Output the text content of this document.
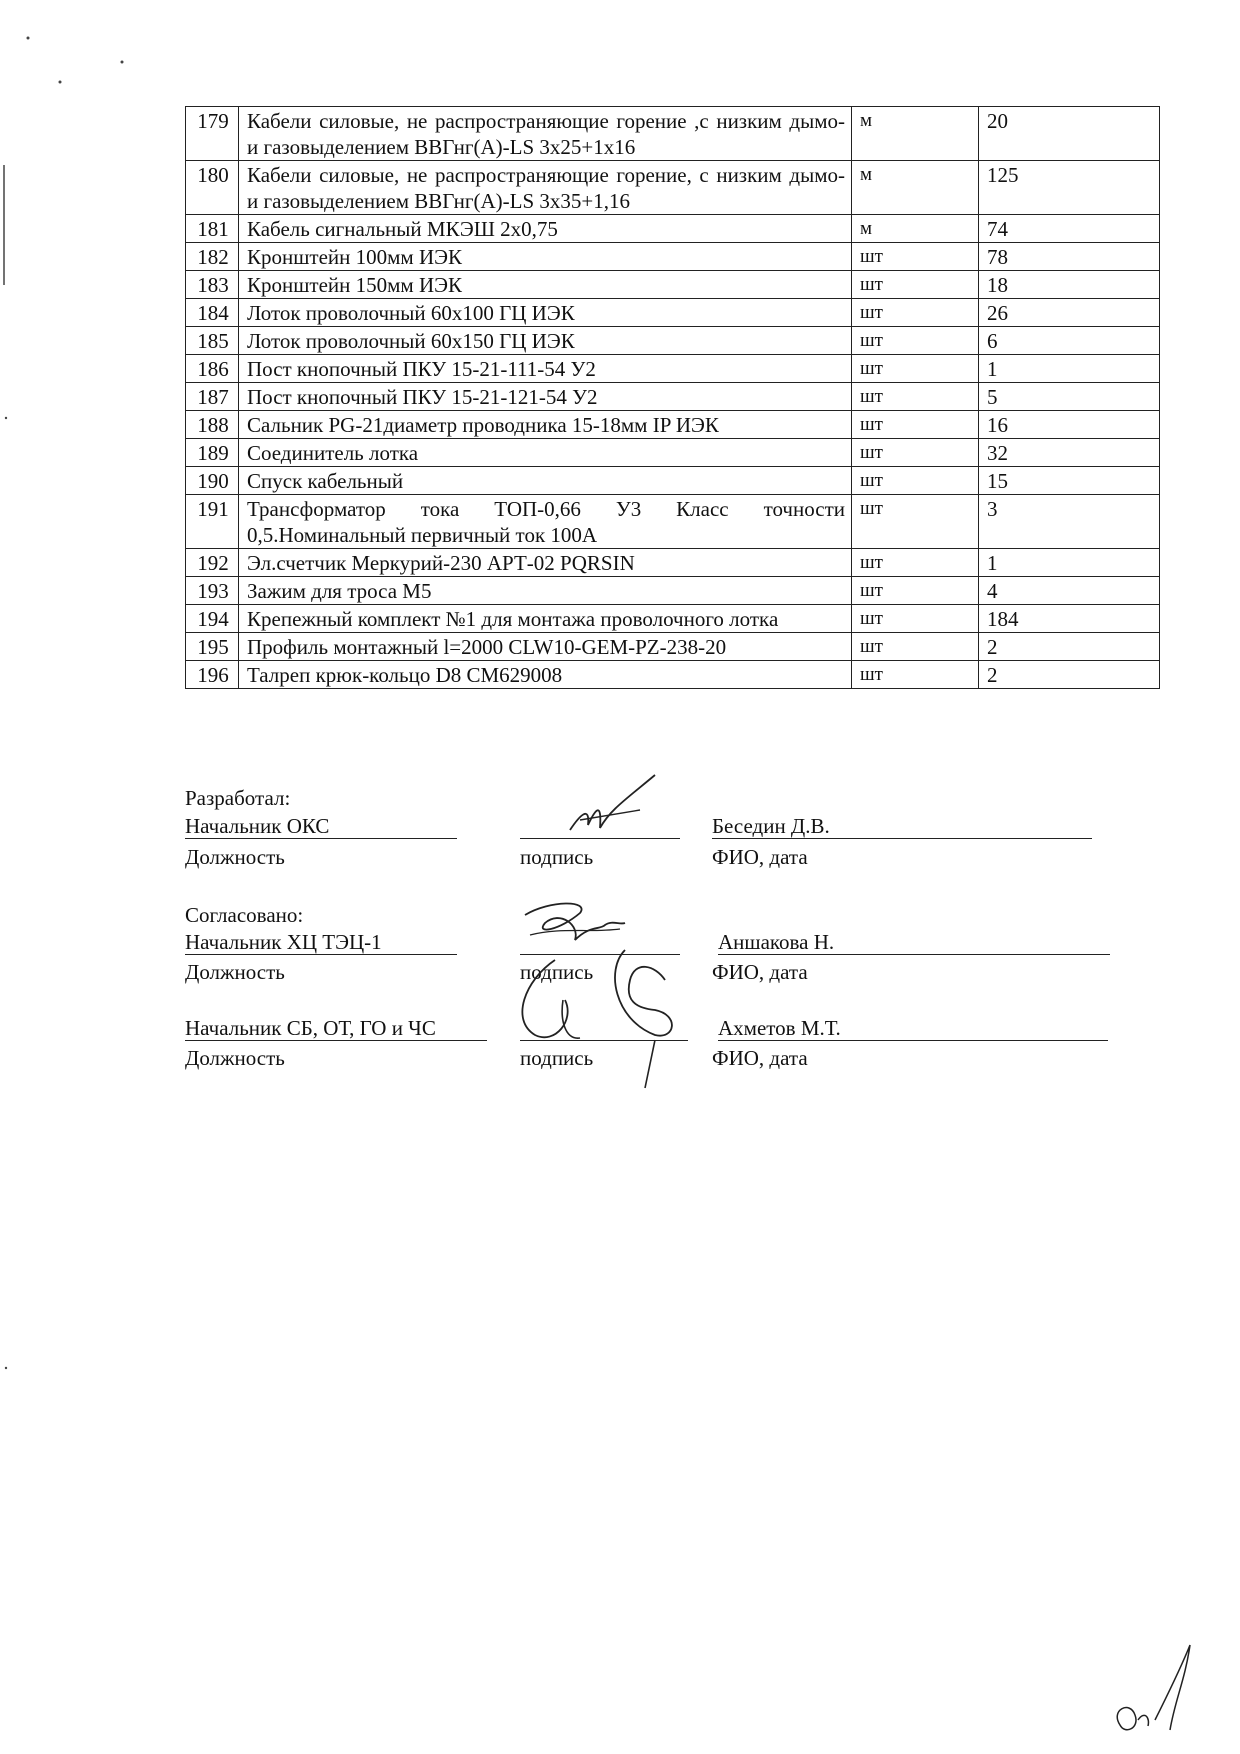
179	Кабели силовые, не распространяющие горение ,с низким дымо- и газовыделением ВВГнг(А)-LS 3х25+1х16	м	20
180	Кабели силовые, не распространяющие горение, с низким дымо- и газовыделением ВВГнг(А)-LS 3х35+1,16	м	125
181	Кабель сигнальный МКЭШ 2х0,75	м	74
182	Кронштейн 100мм ИЭК	шт	78
183	Кронштейн 150мм ИЭК	шт	18
184	Лоток проволочный 60х100 ГЦ ИЭК	шт	26
185	Лоток проволочный 60х150 ГЦ ИЭК	шт	6
186	Пост кнопочный ПКУ 15-21-111-54 У2	шт	1
187	Пост кнопочный ПКУ 15-21-121-54 У2	шт	5
188	Сальник PG-21диаметр проводника 15-18мм IP ИЭК	шт	16
189	Соединитель лотка	шт	32
190	Спуск кабельный	шт	15
191	Трансформатор тока ТОП-0,66 У3 Класс точности 0,5.Номинальный первичный ток 100А	шт	3
192	Эл.счетчик Меркурий-230 АРТ-02 PQRSIN	шт	1
193	Зажим для троса М5	шт	4
194	Крепежный комплект №1 для монтажа проволочного лотка	шт	184
195	Профиль монтажный l=2000 CLW10-GEM-PZ-238-20	шт	2
196	Талреп крюк-кольцо D8 CM629008	шт	2
Разработал:
Начальник ОКС
Должность	подпись
Беседин Д.В.
ФИО, дата
Согласовано:
Начальник ХЦ ТЭЦ-1
Должность	подпись
Аншакова Н.
ФИО, дата
Начальник СБ, ОТ, ГО и ЧС
Должность	подпись
Ахметов М.Т.
ФИО, дата
